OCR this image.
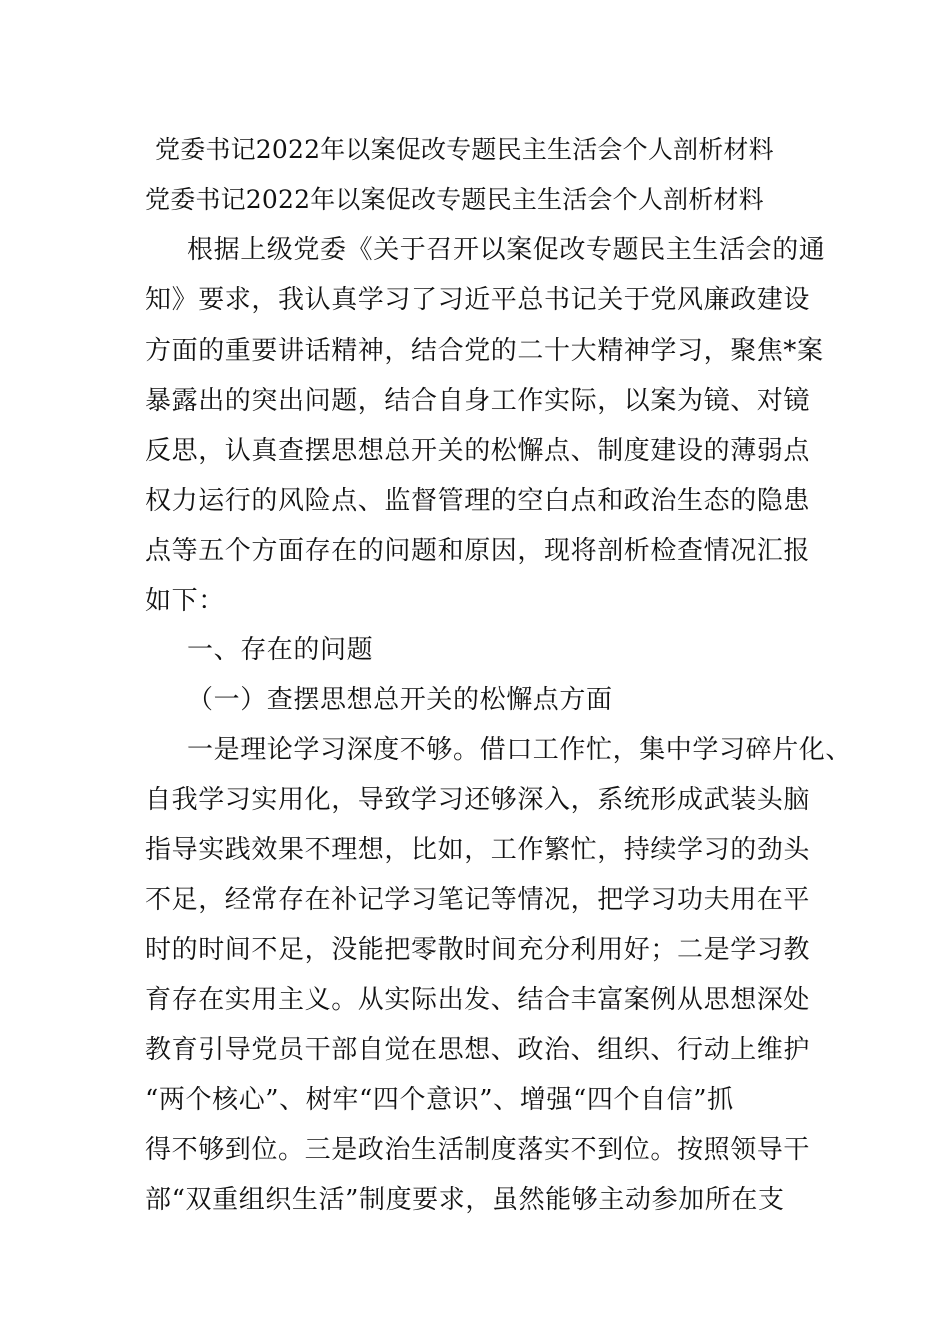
党委书记2022年以案促改专题民主生活会个人剖析材料
党委书记2022年以案促改专题民主生活会个人剖析材料
根据上级党委《关于召开以案促改专题民主生活会的通
知》要求，我认真学习了习近平总书记关于党风廉政建设
方面的重要讲话精神，结合党的二十大精神学习，聚焦*案
暴露出的突出问题，结合自身工作实际，以案为镜、对镜
反思，认真查摆思想总开关的松懈点、制度建设的薄弱点
权力运行的风险点、监督管理的空白点和政治生态的隐患
点等五个方面存在的问题和原因，现将剖析检查情况汇报
如下：
一、存在的问题
（一）查摆思想总开关的松懈点方面
一是理论学习深度不够。借口工作忙，集中学习碎片化、
自我学习实用化，导致学习还够深入，系统形成武装头脑
指导实践效果不理想，比如，工作繁忙，持续学习的劲头
不足，经常存在补记学习笔记等情况，把学习功夫用在平
时的时间不足，没能把零散时间充分利用好；二是学习教
育存在实用主义。从实际出发、结合丰富案例从思想深处
教育引导党员干部自觉在思想、政治、组织、行动上维护
“两个核心”、树牢“四个意识”、增强“四个自信”抓
得不够到位。三是政治生活制度落实不到位。按照领导干
部“双重组织生活”制度要求，虽然能够主动参加所在支
